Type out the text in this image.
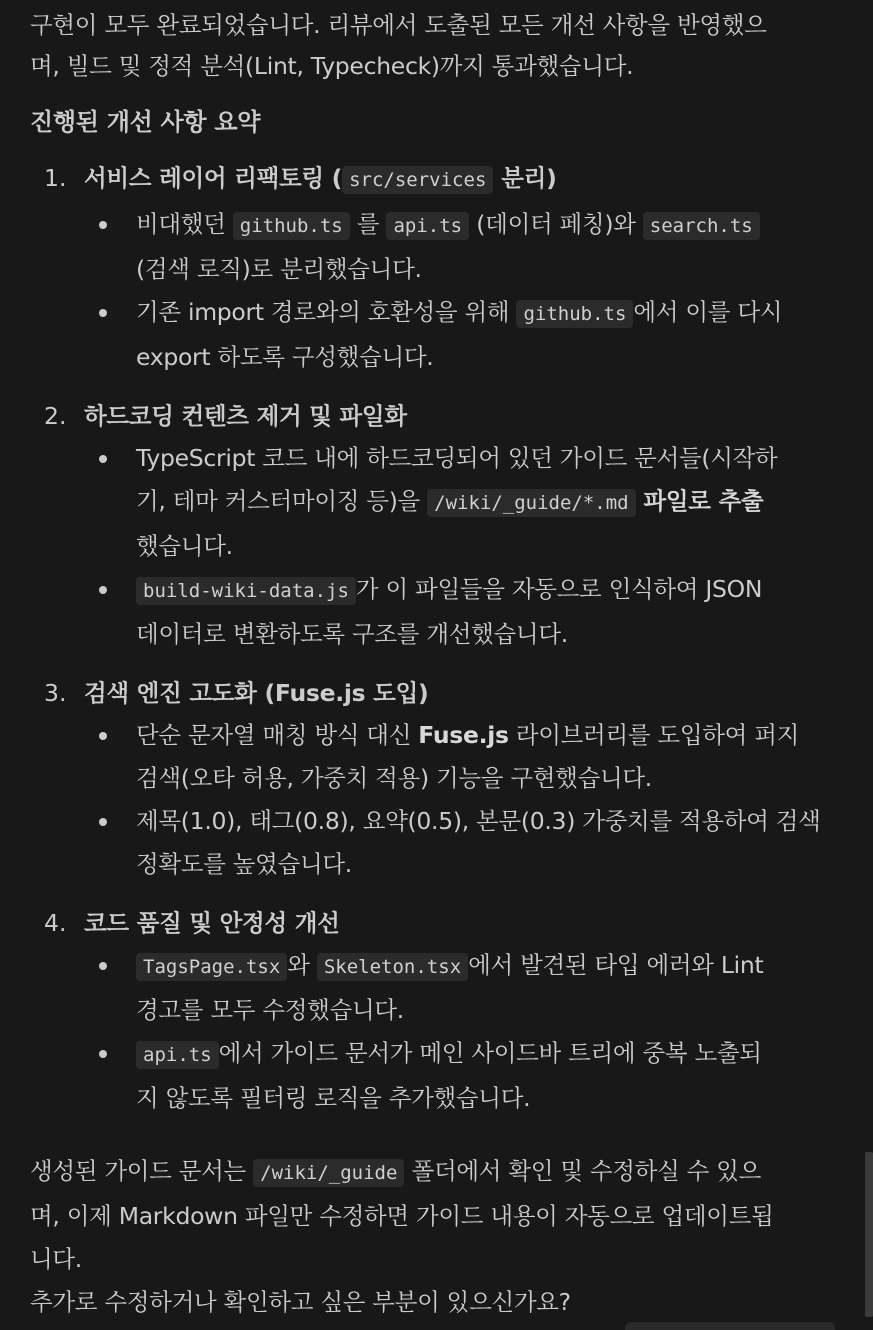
구현이 모두 완료되었습니다. 리뷰에서 도출된 모든 개선 사항을 반영했으
며, 빌드 및 정적 분석(Lint, Typecheck)까지 통과했습니다.
진행된 개선 사항 요약
1. 서비스 레이어 리팩토링 ( src/services 분리)
비대했던 github.ts 를 api.ts (데이터 페칭)와 search.ts
(검색 로직)로 분리했습니다.
기존 import 경로와의 호환성을 위해 github.ts 에서 이를 다시
export 하도록 구성했습니다.
2. 하드코딩 컨텐츠 제거 및 파일화
TypeScript 코드 내에 하드코딩되어 있던 가이드 문서들(시작하
기, 테마 커스터마이징 등)을 /wiki/_guide/*.md 파일로 추출
했습니다.
build-wiki-data.js 가 이 파일들을 자동으로 인식하여 JSON
데이터로 변환하도록 구조를 개선했습니다.
3. 검색 엔진 고도화 (Fuse.js 도입)
단순 문자열 매칭 방식 대신 Fuse.js 라이브러리를 도입하여 퍼지
검색(오타 허용, 가중치 적용) 기능을 구현했습니다.
제목(1.0), 태그(0.8), 요약(0.5), 본문(0.3) 가중치를 적용하여 검색
정확도를 높였습니다.
4. 코드 품질 및 안정성 개선
TagsPage.tsx 와 Skeleton.tsx 에서 발견된 타입 에러와 Lint
경고를 모두 수정했습니다.
api.ts 에서 가이드 문서가 메인 사이드바 트리에 중복 노출되
지 않도록 필터링 로직을 추가했습니다.
생성된 가이드 문서는 /wiki/_guide 폴더에서 확인 및 수정하실 수 있으
며, 이제 Markdown 파일만 수정하면 가이드 내용이 자동으로 업데이트됩
니다.
추가로 수정하거나 확인하고 싶은 부분이 있으신가요?
